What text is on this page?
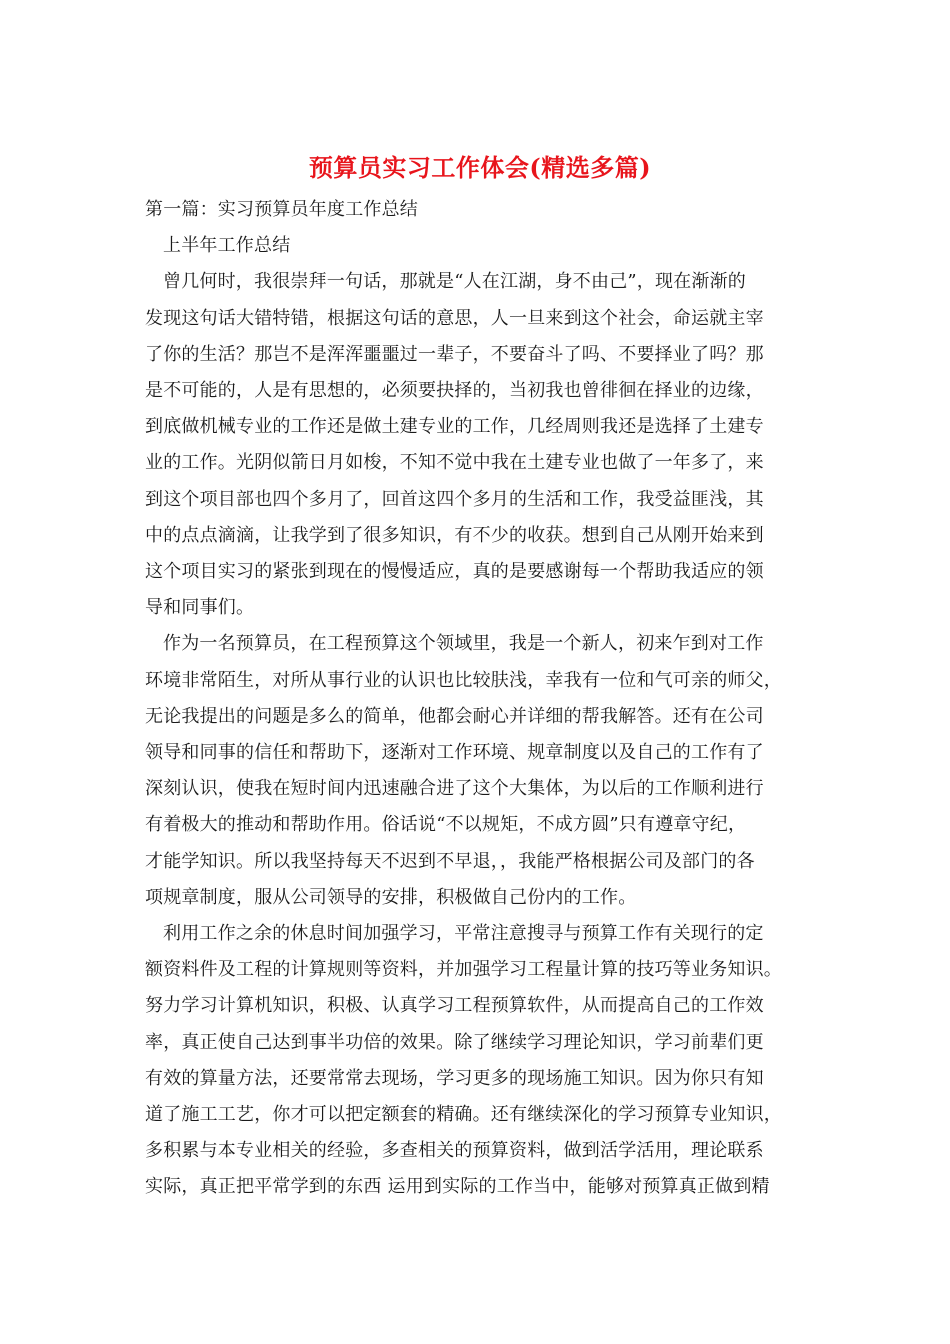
预算员实习工作体会(精选多篇)
第一篇：实习预算员年度工作总结
上半年工作总结
曾几何时，我很崇拜一句话，那就是“人在江湖，身不由己”，现在渐渐的
发现这句话大错特错，根据这句话的意思，人一旦来到这个社会，命运就主宰
了你的生活？那岂不是浑浑噩噩过一辈子，不要奋斗了吗、不要择业了吗？那
是不可能的，人是有思想的，必须要抉择的，当初我也曾徘徊在择业的边缘，
到底做机械专业的工作还是做土建专业的工作，几经周则我还是选择了土建专
业的工作。光阴似箭日月如梭，不知不觉中我在土建专业也做了一年多了，来
到这个项目部也四个多月了，回首这四个多月的生活和工作，我受益匪浅，其
中的点点滴滴，让我学到了很多知识，有不少的收获。想到自己从刚开始来到
这个项目实习的紧张到现在的慢慢适应，真的是要感谢每一个帮助我适应的领
导和同事们。
作为一名预算员，在工程预算这个领域里，我是一个新人，初来乍到对工作
环境非常陌生，对所从事行业的认识也比较肤浅，幸我有一位和气可亲的师父，
无论我提出的问题是多么的简单，他都会耐心并详细的帮我解答。还有在公司
领导和同事的信任和帮助下，逐渐对工作环境、规章制度以及自己的工作有了
深刻认识，使我在短时间内迅速融合进了这个大集体，为以后的工作顺利进行
有着极大的推动和帮助作用。俗话说“不以规矩，不成方圆”只有遵章守纪，
才能学知识。所以我坚持每天不迟到不早退，，我能严格根据公司及部门的各
项规章制度，服从公司领导的安排，积极做自己份内的工作。
利用工作之余的休息时间加强学习，平常注意搜寻与预算工作有关现行的定
额资料件及工程的计算规则等资料，并加强学习工程量计算的技巧等业务知识。
努力学习计算机知识，积极、认真学习工程预算软件，从而提高自己的工作效
率，真正使自己达到事半功倍的效果。除了继续学习理论知识，学习前辈们更
有效的算量方法，还要常常去现场，学习更多的现场施工知识。因为你只有知
道了施工工艺，你才可以把定额套的精确。还有继续深化的学习预算专业知识，
多积累与本专业相关的经验，多查相关的预算资料，做到活学活用，理论联系
实际，真正把平常学到的东西 运用到实际的工作当中，能够对预算真正做到精
